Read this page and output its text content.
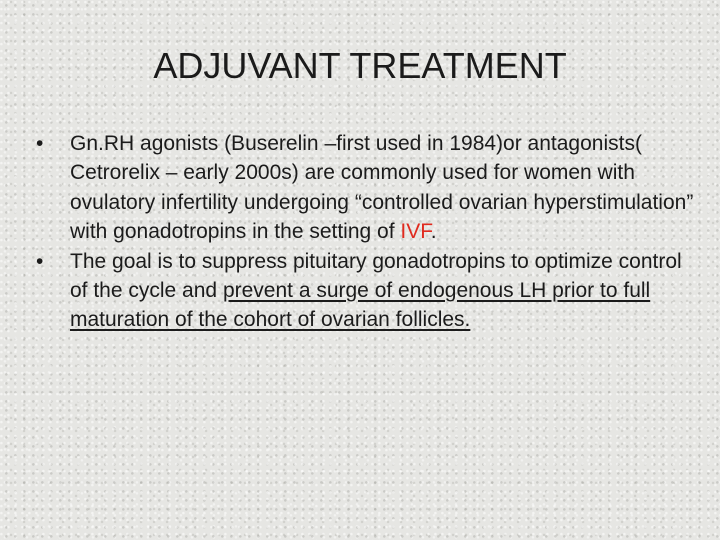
ADJUVANT TREATMENT
• Gn.RH agonists (Buserelin –first used in 1984)or antagonists( Cetrorelix – early 2000s) are commonly used for women with ovulatory infertility undergoing “controlled ovarian hyperstimulation” with gonadotropins in the setting of IVF.
• The goal is to suppress pituitary gonadotropins to optimize control of the cycle and prevent a surge of endogenous LH prior to full maturation of the cohort of ovarian follicles.
